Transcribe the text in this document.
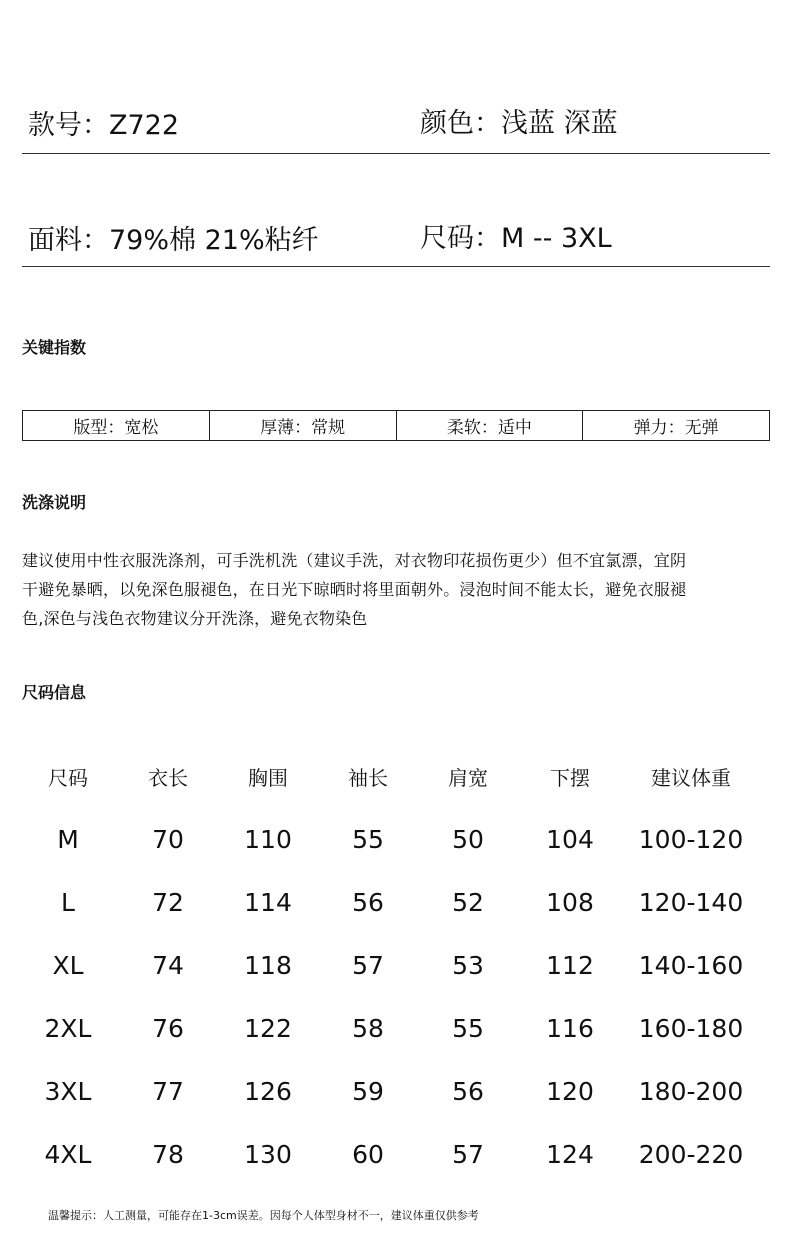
款号：Z722	颜色：浅蓝 深蓝
面料：79%棉 21%粘纤	尺码：M -- 3XL
关键指数
版型：宽松	厚薄：常规	柔软：适中	弹力：无弹
洗涤说明
建议使用中性衣服洗涤剂，可手洗机洗（建议手洗，对衣物印花损伤更少）但不宜氯漂，宜阴
干避免暴晒，以免深色服褪色，在日光下晾晒时将里面朝外。浸泡时间不能太长，避免衣服褪
色,深色与浅色衣物建议分开洗涤，避免衣物染色
尺码信息
尺码	衣长	胸围	袖长	肩宽	下摆	建议体重
M	70	110	55	50	104	100-120
L	72	114	56	52	108	120-140
XL	74	118	57	53	112	140-160
2XL	76	122	58	55	116	160-180
3XL	77	126	59	56	120	180-200
4XL	78	130	60	57	124	200-220
温馨提示：人工测量，可能存在1-3cm误差。因每个人体型身材不一，建议体重仅供参考
